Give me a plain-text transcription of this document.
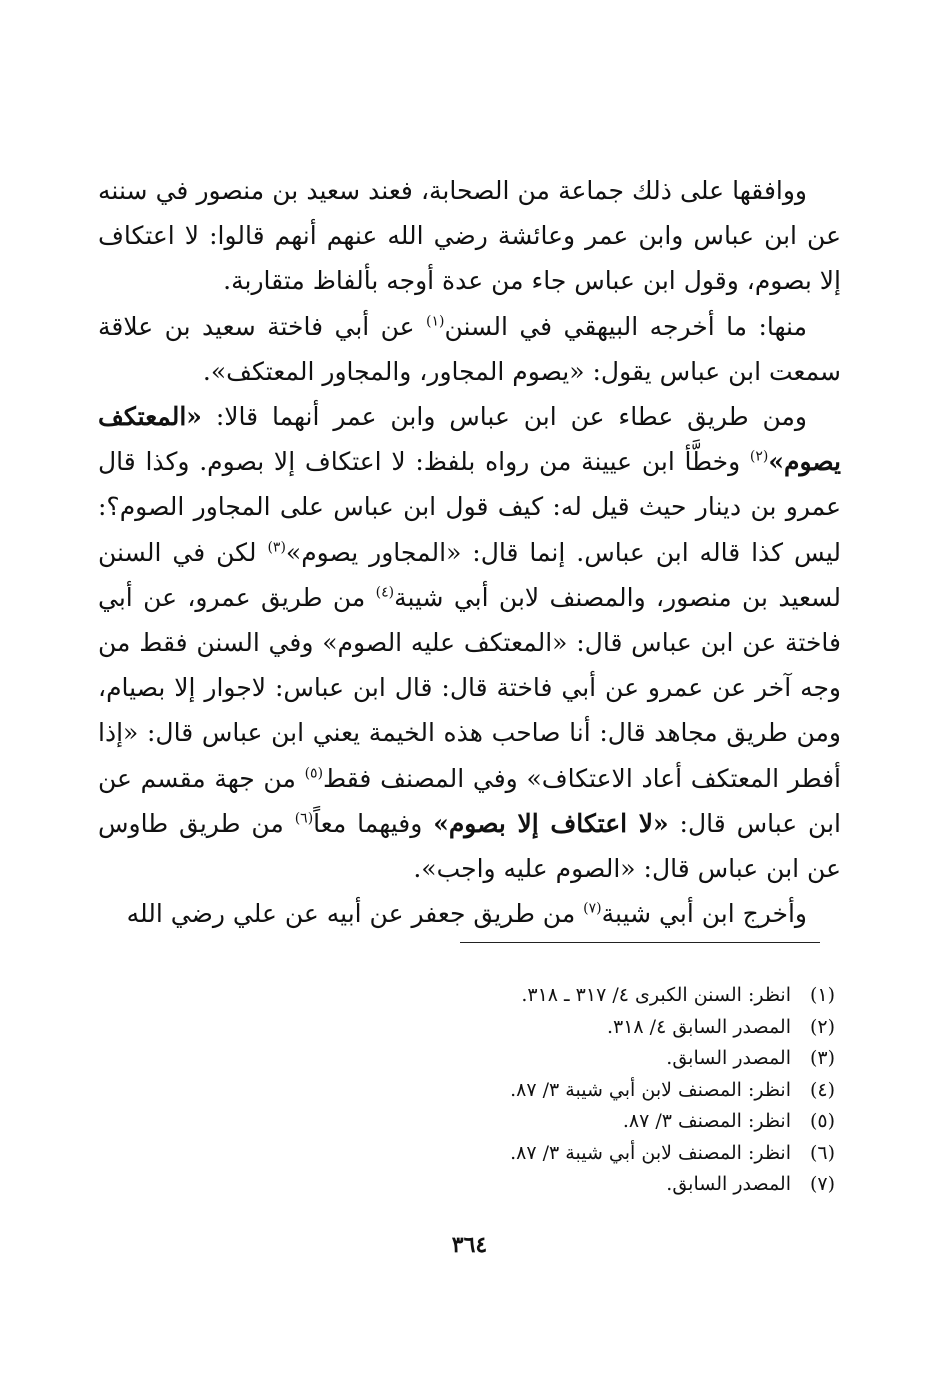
ووافقها على ذلك جماعة من الصحابة، فعند سعيد بن منصور في سننه عن ابن عباس وابن عمر وعائشة رضي الله عنهم أنهم قالوا: لا اعتكاف إلا بصوم، وقول ابن عباس جاء من عدة أوجه بألفاظ متقاربة.

منها: ما أخرجه البيهقي في السنن$^{(١)}$ عن أبي فاختة سعيد بن علاقة سمعت ابن عباس يقول: «يصوم المجاور، والمجاور المعتكف».

ومن طريق عطاء عن ابن عباس وابن عمر أنهما قالا: «المعتكف يصوم»$^{(٢)}$ وخطَّأ ابن عيينة من رواه بلفظ: لا اعتكاف إلا بصوم. وكذا قال عمرو بن دينار حيث قيل له: كيف قول ابن عباس على المجاور الصوم؟: ليس كذا قاله ابن عباس. إنما قال: «المجاور يصوم»$^{(٣)}$ لكن في السنن لسعيد بن منصور، والمصنف لابن أبي شيبة$^{(٤)}$ من طريق عمرو، عن أبي فاختة عن ابن عباس قال: «المعتكف عليه الصوم» وفي السنن فقط من وجه آخر عن عمرو عن أبي فاختة قال: قال ابن عباس: لاجوار إلا بصيام، ومن طريق مجاهد قال: أنا صاحب هذه الخيمة يعني ابن عباس قال: «إذا أفطر المعتكف أعاد الاعتكاف» وفي المصنف فقط$^{(٥)}$ من جهة مقسم عن ابن عباس قال: «لا اعتكاف إلا بصوم» وفيهما معاً$^{(٦)}$ من طريق طاوس عن ابن عباس قال: «الصوم عليه واجب».

وأخرج ابن أبي شيبة$^{(٧)}$ من طريق جعفر عن أبيه عن علي رضي الله

(١)
انظر: السنن الكبرى ٤/ ٣١٧ ـ ٣١٨.
(٢)
المصدر السابق ٤/ ٣١٨.
(٣)
المصدر السابق.
(٤)
انظر: المصنف لابن أبي شيبة ٣/ ٨٧.
(٥)
انظر: المصنف ٣/ ٨٧.
(٦)
انظر: المصنف لابن أبي شيبة ٣/ ٨٧.
(٧)
المصدر السابق.
٣٦٤
